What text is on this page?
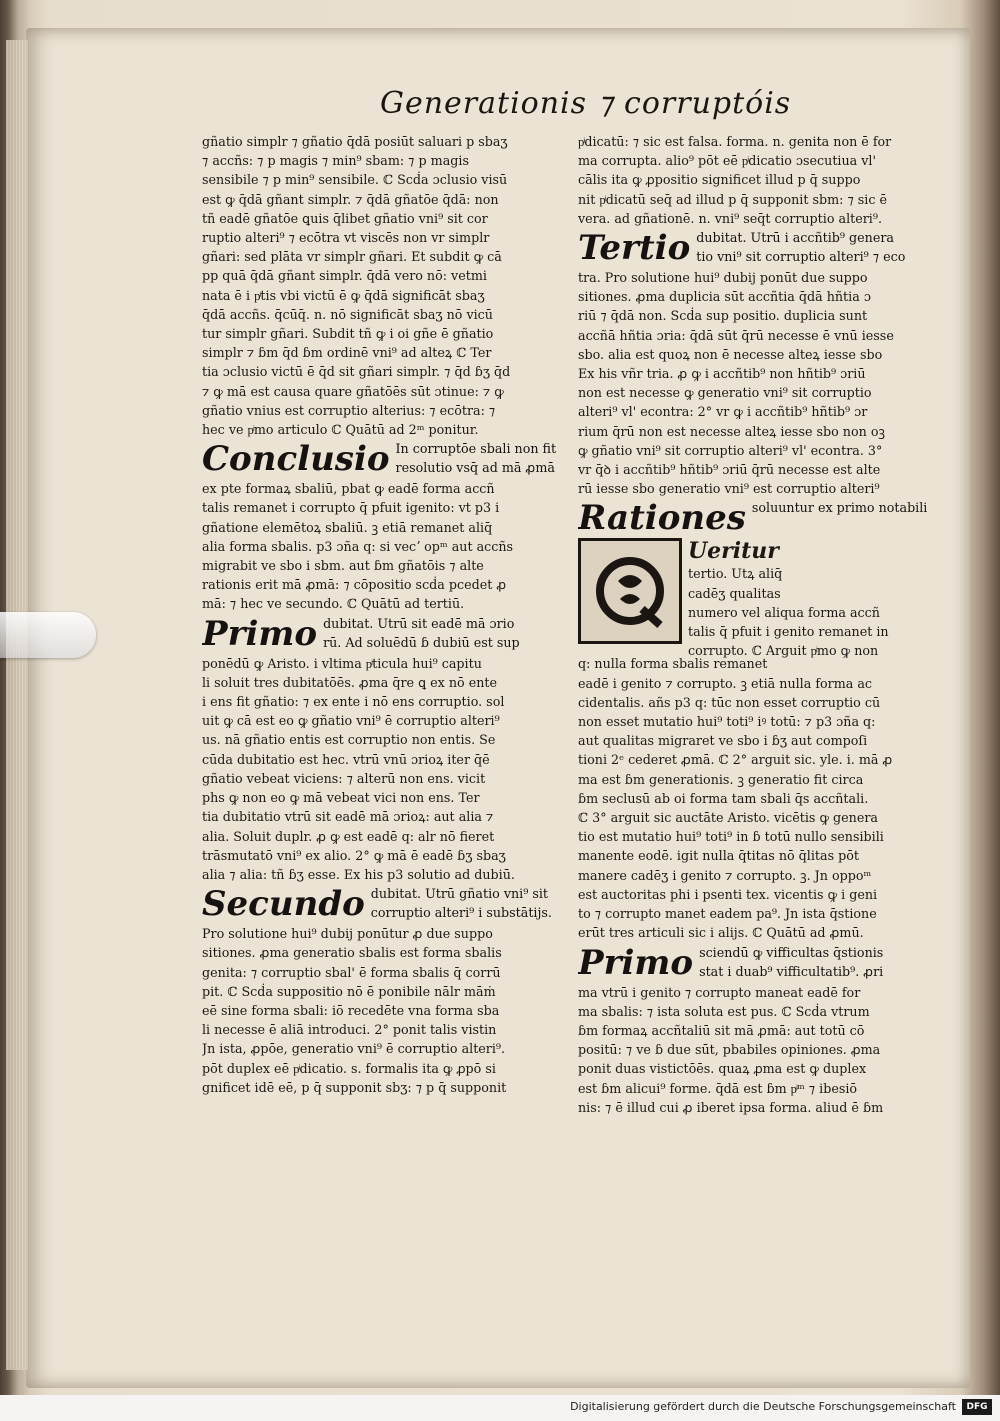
Generationis ⁊ corruptóis
gñatio simplr ⁊ gñatio q̄dā posiūt saluari p sbaʒ
⁊ accñs: ⁊ p magis ⁊ min⁹ sbam: ⁊ p magis
sensibile ⁊ p min⁹ sensibile. ℂ Scḋa ɔclusio visū
est ꝙ q̄dā gñant simplr. ⁊ q̄dā gñatōe q̄dā: non
tñ eadē gñatōe ꝗuis q̄libet gñatio vni⁹ sit cor
ruptio alteri⁹ ⁊ ecōtra vt viscēs non vr simplr
gñari: sed plāta vr simplr gñari. Et subdit ꝙ cā
pp quā q̄dā gñant simplr. q̄dā vero nō: vetmi
nata ē i pͥtis vbi victū ē ꝙ q̄dā significāt sbaʒ
q̄dā accñs. q̄cūq̄. n. nō significāt sbaʒ nō vicū
tur simplr gñari. Subdit tñ ꝙ i oi gñe ē gñatio
simplr ⁊ ɓm q̄d ɓm ordinē vni⁹ ad alteꝝ ℂ Ter
tia ɔclusio victū ē q̄d sit gñari simplr. ⁊ q̄d ɓʒ q̄d
⁊ ꝙ mā est causa quare gñatōēs sūt ɔtinue: ⁊ ꝙ
gñatio vnius est corruptio alterius: ⁊ ecōtra: ⁊
hec ve pͥmo articulo ℂ Quātū ad 2ᵐ ponitur.
Conclusio In corruptōe sbali non fit
resolutio vsq̄ ad mā ꝓmā
ex pte formaꝝ sbaliū, pbat ꝙ eadē forma accñ
talis remanet i corrupto q̄ pfuit igenito: vt p3 i
gñatione elemētoꝝ sbaliū. ꝫ etiā remanet aliq̄
alia forma sbalis. p3 ɔña q: si vecʼ opᵐ aut accñs
migrabit ve sbo i sbm. aut ɓm gñatōis ⁊ alte
rationis erit mā ꝓmā: ⁊ cōpositio scḋa pcedet ꝓ
mā: ⁊ hec ve secundo. ℂ Quātū ad tertiū.
Primo dubitat. Utrū sit eadē mā ɔrio
rū. Ad soluēdū ɓ dubiū est sup
ponēdū ꝙ Aristo. i vltima pͥticula hui⁹ capitu
li soluit tres dubitatōēs. ꝓma q̄re ꝗ ex nō ente
i ens fit gñatio: ⁊ ex ente i nō ens corruptio. sol
uit ꝙ cā est eo ꝙ gñatio vni⁹ ē corruptio alteri⁹
us. nā gñatio entis est corruptio non entis. Se
cūda dubitatio est hec. vtrū vnū ɔrioꝝ iter q̄ē
gñatio vebeat viciens: ⁊ alterū non ens. vicit
phs ꝙ non eo ꝙ mā vebeat vici non ens. Ter
tia dubitatio vtrū sit eadē mā ɔrioꝝ: aut alia ⁊
alia. Soluit duplr. ꝓ ꝙ est eadē q: alr nō fieret
trāsmutatō vni⁹ ex alio. 2° ꝙ mā ē eadē ɓʒ sbaʒ
alia ⁊ alia: tñ ɓʒ esse. Ex his p3 solutio ad dubiū.
Secundo dubitat. Utrū gñatio vni⁹ sit
corruptio alteri⁹ i substātijs.
Pro solutione hui⁹ dubij ponūtur ꝓ due suppo
sitiones. ꝓma generatio sbalis est forma sbalis
genita: ⁊ corruptio sbal' ē forma sbalis q̄ corrū
pit. ℂ Scḋa suppositio nō ē ponibile nālr māṁ
eē sine forma sbali: iō recedēte vna forma sba
li necesse ē aliā introduci. 2° ponit talis vistin
Jn ista, ꝓpōe, generatio vni⁹ ē corruptio alteri⁹.
pōt duplex eē pͥdicatio. s. formalis ita ꝙ ꝓpō si
gnificet idē eē, p q̄ supponit sbʒ: ⁊ p q̄ supponit
pͥdicatū: ⁊ sic est falsa. forma. n. genita non ē for
ma corrupta. alio⁹ pōt eē pͥdicatio ɔsecutiua vl'
cālis ita ꝙ ꝓpositio significet illud p q̄ suppo
nit pͥdicatū seq̄ ad illud p q̄ supponit sbm: ⁊ sic ē
vera. ad gñationē. n. vni⁹ seq̄t corruptio alteri⁹.
Tertio dubitat. Utrū i accñtib⁹ genera
tio vni⁹ sit corruptio alteri⁹ ⁊ eco
tra. Pro solutione hui⁹ dubij ponūt due suppo
sitiones. ꝓma duplicia sūt accñtia q̄dā hñtia ɔ
riū ⁊ q̄dā non. Scḋa sup positio. duplicia sunt
accñā hñtia ɔria: q̄dā sūt q̄rū necesse ē vnū iesse
sbo. alia est quoꝝ non ē necesse alteꝝ iesse sbo
Ex his vñr tria. ꝓ ꝙ i accñtib⁹ non hñtib⁹ ɔriū
non est necesse ꝙ generatio vni⁹ sit corruptio
alteri⁹ vl' econtra: 2° vr ꝙ i accñtib⁹ hñtib⁹ ɔr
rium q̄rū non est necesse alteꝝ iesse sbo non oꝫ
ꝙ gñatio vni⁹ sit corruptio alteri⁹ vl' econtra. 3°
vr q̄ꝺ i accñtib⁹ hñtib⁹ ɔriū q̄rū necesse est alte
rū iesse sbo generatio vni⁹ est corruptio alteri⁹
Rationes soluuntur ex primo notabili
Ueritur
tertio. Utꝝ aliq̄
cadēʒ qualitas
numero vel aliqua forma accñ
talis q̄ pfuit i genito remanet in
corrupto. ℂ Arguit pͥmo ꝙ non
q: nulla forma sbalis remanet
eadē i genito ⁊ corrupto. ꝫ etiā nulla forma ac
cidentalis. añs p3 q: tūc non esset corruptio cū
non esset mutatio hui⁹ toti⁹ iꝰ totū: ⁊ p3 ɔña q:
aut qualitas migraret ve sbo i ɓʒ aut compoſi
tioni 2ᵉ cederet ꝓmā. ℂ 2° arguit sic. yle. i. mā ꝓ
ma est ɓm generationis. ꝫ generatio fit circa
ɓm seclusū ab oi forma tam sbali q̄s accñtali.
ℂ 3° arguit sic auctāte Aristo. vicētis ꝙ genera
tio est mutatio hui⁹ toti⁹ in ɓ totū nullo sensibili
manente eodē. igit nulla q̄titas nō q̄litas pōt
manere cadēʒ i genito ⁊ corrupto. ꝫ. Jn oppoᵐ
est auctoritas phi i psenti tex. vicentis ꝙ i geni
to ⁊ corrupto manet eadem pa⁹. Jn ista q̄stione
erūt tres articuli sic i alijs. ℂ Quātū ad ꝓmū.
Primo sciendū ꝙ vifficultas q̄stionis
stat i duab⁹ vifficultatib⁹. ꝓri
ma vtrū i genito ⁊ corrupto maneat eadē for
ma sbalis: ⁊ ista soluta est pus. ℂ Scḋa vtrum
ɓm formaꝝ accñtaliū sit mā ꝓmā: aut totū cō
positū: ⁊ ve ɓ due sūt, pbabiles opiniones. ꝓma
ponit duas vistictōēs. quaꝝ ꝓma est ꝙ duplex
est ɓm alicui⁹ forme. q̄dā est ɓm pͥᵐ ⁊ ibesiō
nis: ⁊ ē illud cui ꝓ iberet ipsa forma. aliud ē ɓm
Digitalisierung gefördert durch die Deutsche Forschungsgemeinschaft	DFG
